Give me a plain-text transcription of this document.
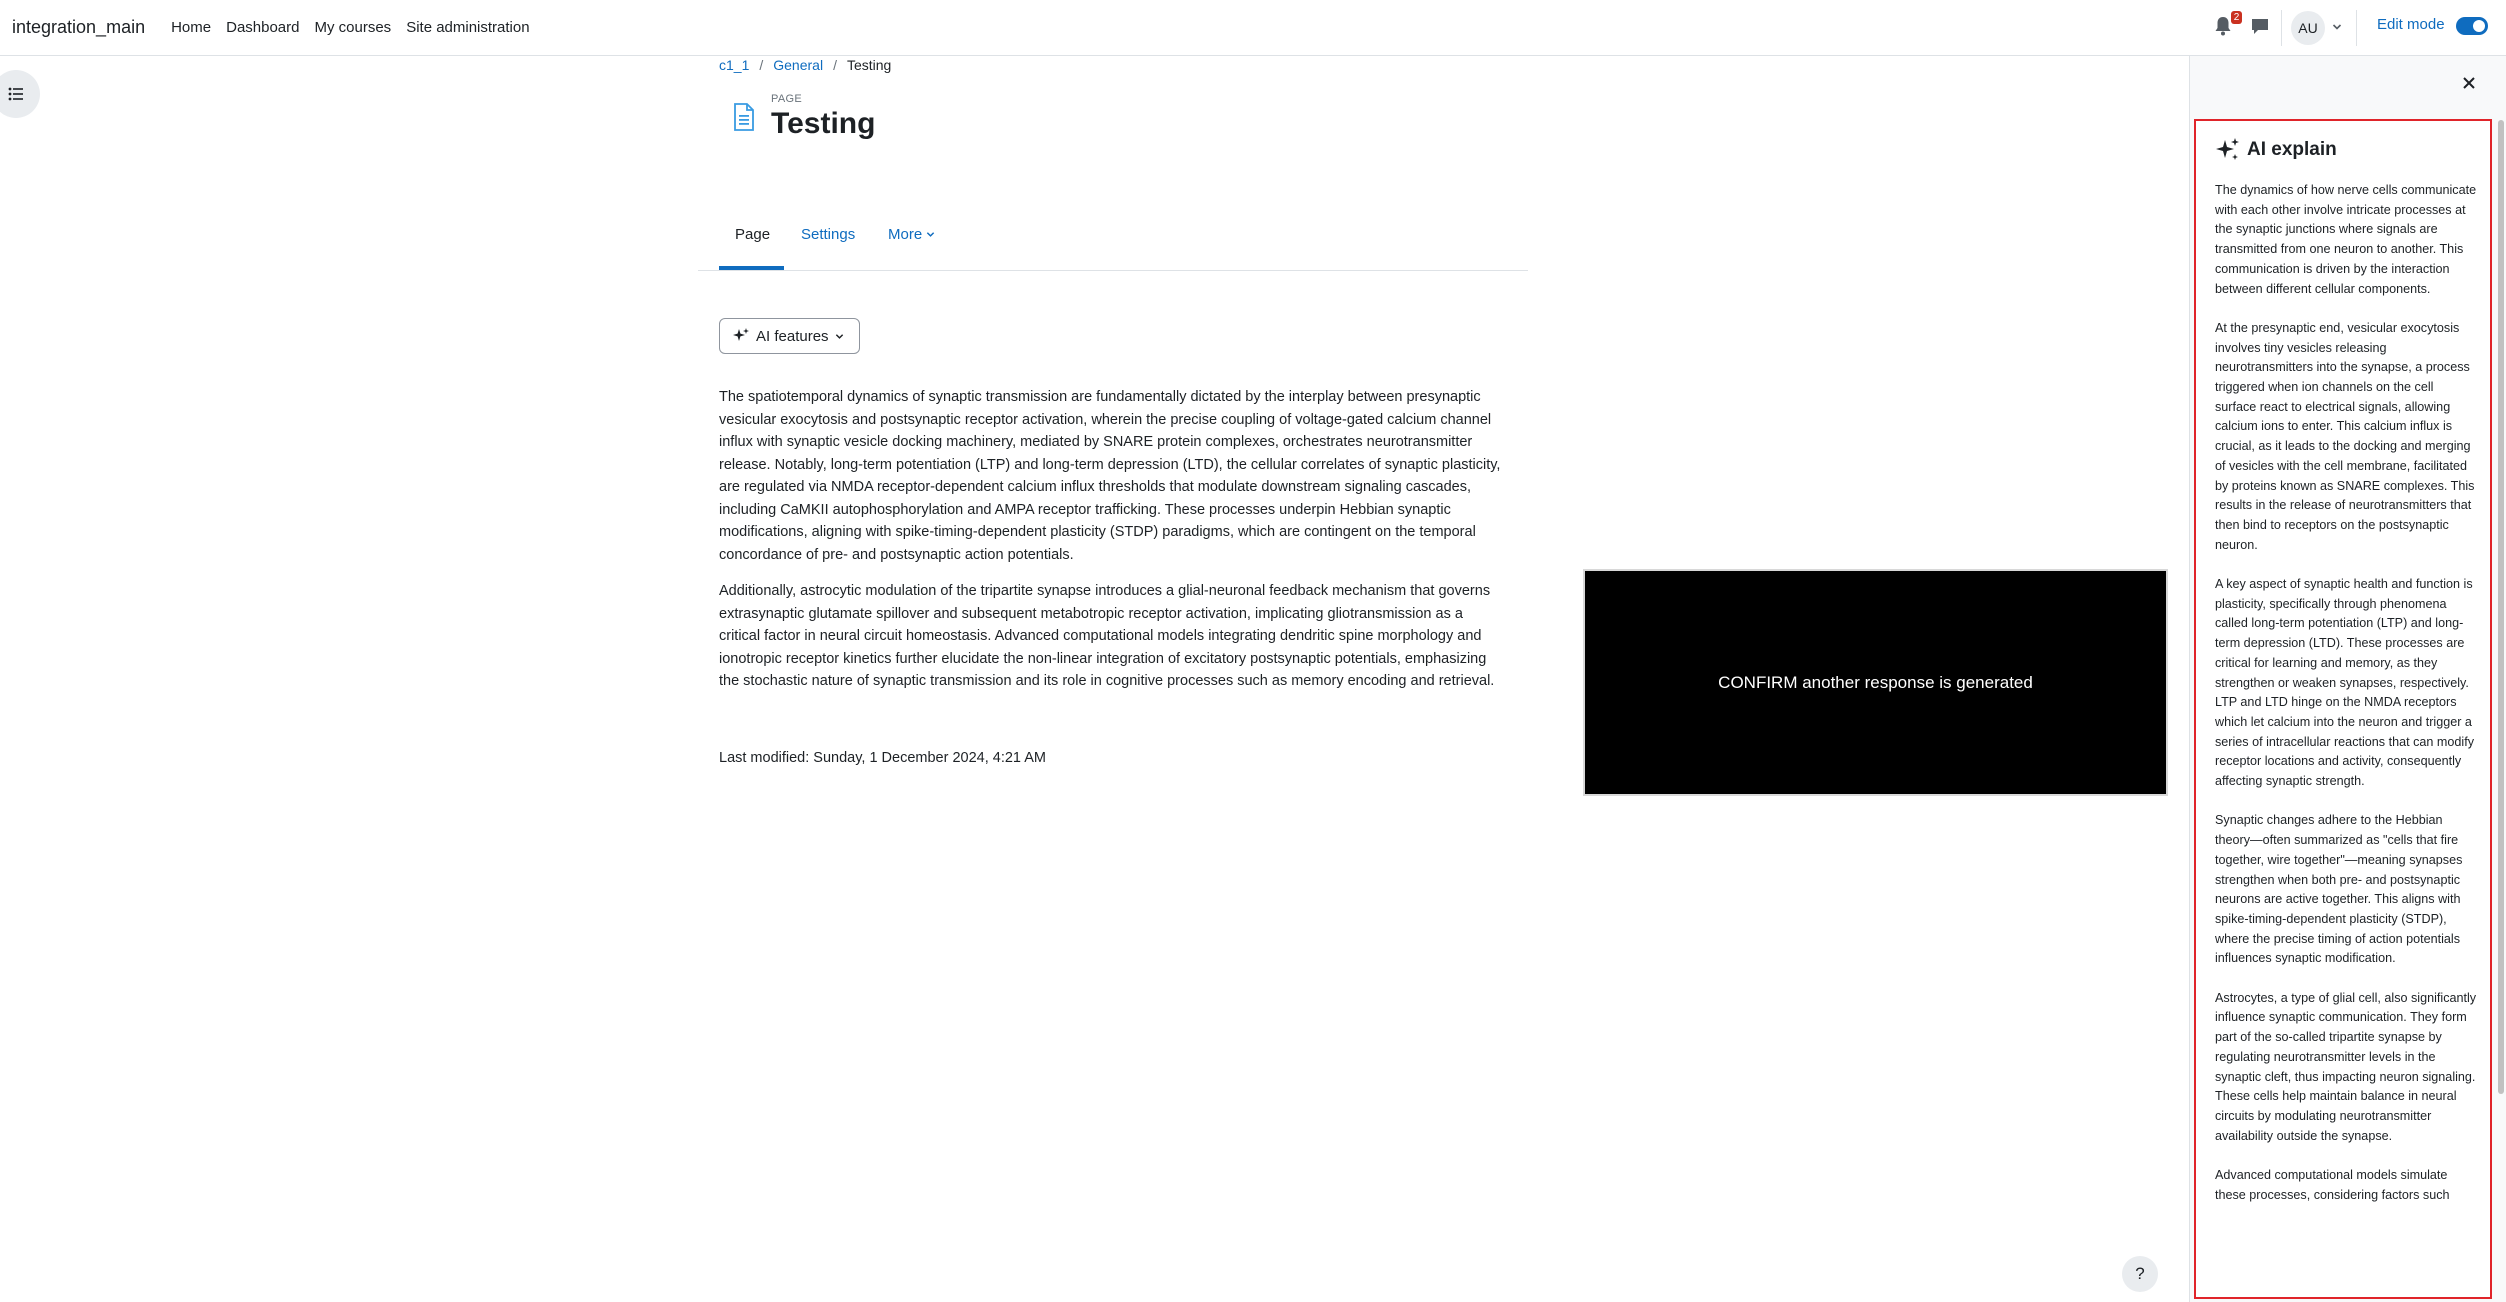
integration_main Home Dashboard My courses Site administration
2
AU	Edit mode
c1_1 / General / Testing
PAGE
Testing
Page Settings More
AI features

The spatiotemporal dynamics of synaptic transmission are fundamentally dictated by the interplay between presynaptic vesicular exocytosis and postsynaptic receptor activation, wherein the precise coupling of voltage-gated calcium channel influx with synaptic vesicle docking machinery, mediated by SNARE protein complexes, orchestrates neurotransmitter release. Notably, long-term potentiation (LTP) and long-term depression (LTD), the cellular correlates of synaptic plasticity, are regulated via NMDA receptor-dependent calcium influx thresholds that modulate downstream signaling cascades, including CaMKII autophosphorylation and AMPA receptor trafficking. These processes underpin Hebbian synaptic modifications, aligning with spike-timing-dependent plasticity (STDP) paradigms, which are contingent on the temporal concordance of pre- and postsynaptic action potentials.

Additionally, astrocytic modulation of the tripartite synapse introduces a glial-neuronal feedback mechanism that governs extrasynaptic glutamate spillover and subsequent metabotropic receptor activation, implicating gliotransmission as a critical factor in neural circuit homeostasis. Advanced computational models integrating dendritic spine morphology and ionotropic receptor kinetics further elucidate the non-linear integration of excitatory postsynaptic potentials, emphasizing the stochastic nature of synaptic transmission and its role in cognitive processes such as memory encoding and retrieval.

Last modified: Sunday, 1 December 2024, 4:21 AM
CONFIRM another response is generated
?
AI explain

The dynamics of how nerve cells communicate with each other involve intricate processes at the synaptic junctions where signals are transmitted from one neuron to another. This communication is driven by the interaction between different cellular components.

At the presynaptic end, vesicular exocytosis involves tiny vesicles releasing neurotransmitters into the synapse, a process triggered when ion channels on the cell surface react to electrical signals, allowing calcium ions to enter. This calcium influx is crucial, as it leads to the docking and merging of vesicles with the cell membrane, facilitated by proteins known as SNARE complexes. This results in the release of neurotransmitters that then bind to receptors on the postsynaptic neuron.

A key aspect of synaptic health and function is plasticity, specifically through phenomena called long-term potentiation (LTP) and long-term depression (LTD). These processes are critical for learning and memory, as they strengthen or weaken synapses, respectively. LTP and LTD hinge on the NMDA receptors which let calcium into the neuron and trigger a series of intracellular reactions that can modify receptor locations and activity, consequently affecting synaptic strength.

Synaptic changes adhere to the Hebbian theory—often summarized as "cells that fire together, wire together"—meaning synapses strengthen when both pre- and postsynaptic neurons are active together. This aligns with spike-timing-dependent plasticity (STDP), where the precise timing of action potentials influences synaptic modification.

Astrocytes, a type of glial cell, also significantly influence synaptic communication. They form part of the so-called tripartite synapse by regulating neurotransmitter levels in the synaptic cleft, thus impacting neuron signaling. These cells help maintain balance in neural circuits by modulating neurotransmitter availability outside the synapse.

Advanced computational models simulate these processes, considering factors such
